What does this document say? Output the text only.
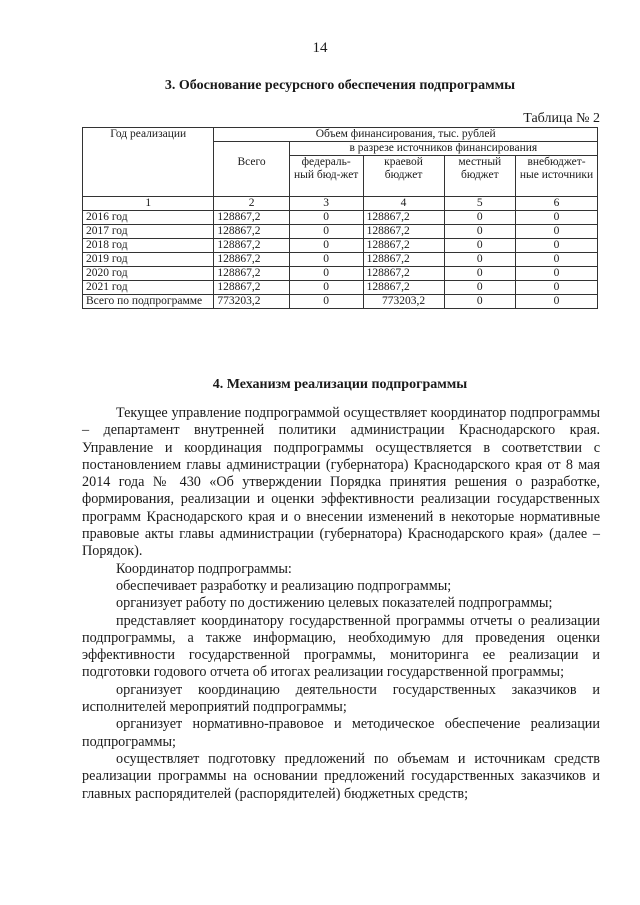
14
3. Обоснование ресурсного обеспечения подпрограммы
Таблица № 2
Год реализации	Объем финансирования, тыс. рублей				
		в разрезе источников финансирования			
	Всего	федераль-ный бюд-жет	краевой бюджет	местный бюджет	внебюджет-ные источники
1	2	3	4	5	6
2016 год	128867,2	0	128867,2	0	0
2017 год	128867,2	0	128867,2	0	0
2018 год	128867,2	0	128867,2	0	0
2019 год	128867,2	0	128867,2	0	0
2020 год	128867,2	0	128867,2	0	0
2021 год	128867,2	0	128867,2	0	0
Всего по подпрограмме	773203,2	0	773203,2	0	0
4. Механизм реализации подпрограммы

Текущее управление подпрограммой осуществляет координатор подпрограммы – департамент внутренней политики администрации Краснодарского края. Управление и координация подпрограммы осуществляется в соответствии с постановлением главы администрации (губернатора) Краснодарского края от 8 мая 2014 года № 430 «Об утверждении Порядка принятия решения о разработке, формирования, реализации и оценки эффективности реализации государственных программ Краснодарского края и о внесении изменений в некоторые нормативные правовые акты главы администрации (губернатора) Краснодарского края» (далее – Порядок).

Координатор подпрограммы:

обеспечивает разработку и реализацию подпрограммы;

организует работу по достижению целевых показателей подпрограммы;

представляет координатору государственной программы отчеты о реализации подпрограммы, а также информацию, необходимую для проведения оценки эффективности государственной программы, мониторинга ее реализации и подготовки годового отчета об итогах реализации государственной программы;

организует координацию деятельности государственных заказчиков и исполнителей мероприятий подпрограммы;

организует нормативно-правовое и методическое обеспечение реализации подпрограммы;

осуществляет подготовку предложений по объемам и источникам средств реализации программы на основании предложений государственных заказчиков и главных распорядителей (распорядителей) бюджетных средств;
